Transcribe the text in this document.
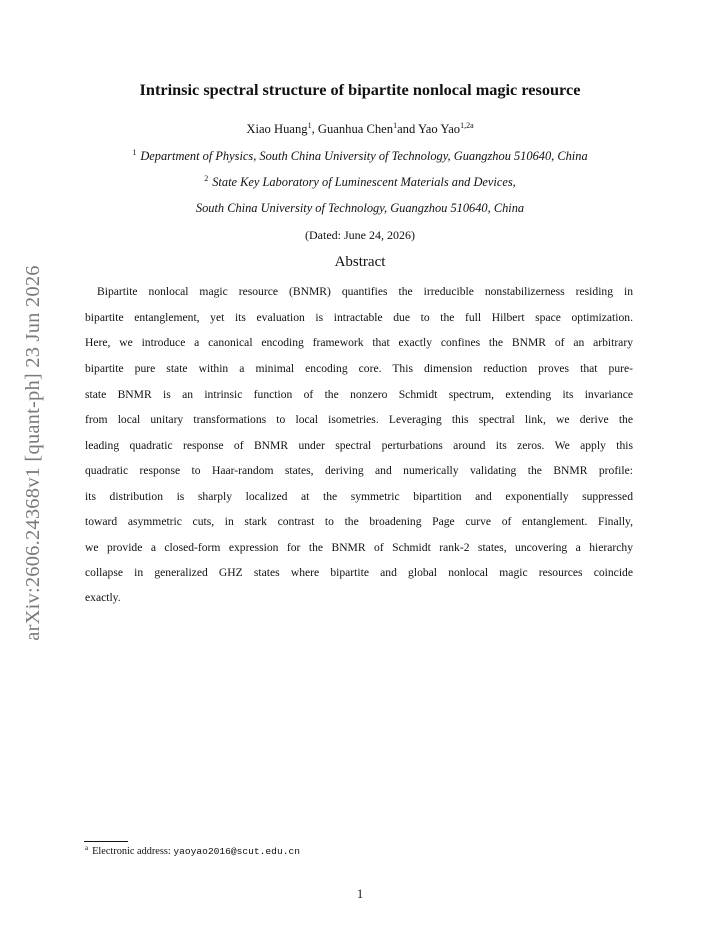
arXiv:2606.24368v1 [quant-ph] 23 Jun 2026
Intrinsic spectral structure of bipartite nonlocal magic resource
Xiao Huang$^1$, Guanhua Chen$^1$and Yao Yao$^{1,2a}$
$^1$ Department of Physics, South China University of Technology, Guangzhou 510640, China
$^2$ State Key Laboratory of Luminescent Materials and Devices,
South China University of Technology, Guangzhou 510640, China
(Dated: June 24, 2026)
Abstract
Bipartite nonlocal magic resource (BNMR) quantifies the irreducible nonstabilizerness residing in
bipartite entanglement, yet its evaluation is intractable due to the full Hilbert space optimization.
Here, we introduce a canonical encoding framework that exactly confines the BNMR of an arbitrary
bipartite pure state within a minimal encoding core. This dimension reduction proves that pure-
state BNMR is an intrinsic function of the nonzero Schmidt spectrum, extending its invariance
from local unitary transformations to local isometries. Leveraging this spectral link, we derive the
leading quadratic response of BNMR under spectral perturbations around its zeros. We apply this
quadratic response to Haar-random states, deriving and numerically validating the BNMR profile:
its distribution is sharply localized at the symmetric bipartition and exponentially suppressed
toward asymmetric cuts, in stark contrast to the broadening Page curve of entanglement. Finally,
we provide a closed-form expression for the BNMR of Schmidt rank-2 states, uncovering a hierarchy
collapse in generalized GHZ states where bipartite and global nonlocal magic resources coincide
exactly.
$^a$ Electronic address: yaoyao2016@scut.edu.cn
1
